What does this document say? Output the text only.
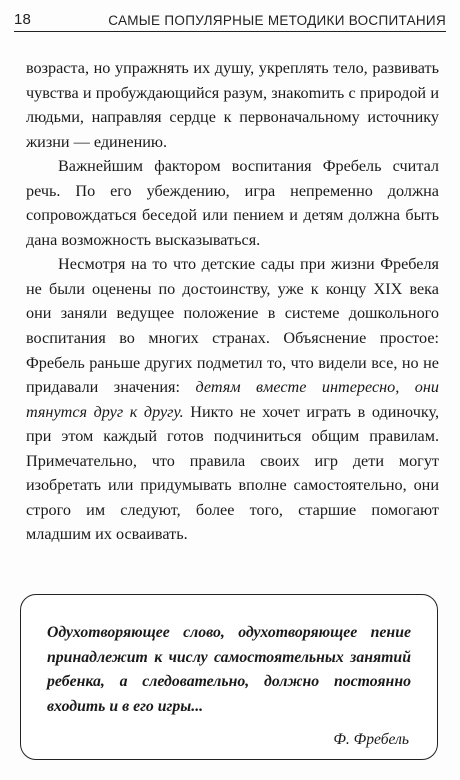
18	САМЫЕ ПОПУЛЯРНЫЕ МЕТОДИКИ ВОСПИТАНИЯ

возраста, но упражнять их душу, укреплять тело, развивать чувства и пробуждающийся разум, знакоmить с природой и людьми, направляя сердце к первоначальному источнику жизни — единению.

Важнейшим фактором воспитания Фребель считал речь. По его убеждению, игра непременно должна сопровождаться беседой или пением и детям должна быть дана возможность высказываться.

Несмотря на то что детские сады при жизни Фребеля не были оценены по достоинству, уже к концу XIX века они заняли ведущее положение в системе дошкольного воспитания во многих странах. Объяснение простое: Фребель раньше других подметил то, что видели все, но не придавали значения: детям вместе интересно, они тянутся друг к другу. Никто не хочет играть в одиночку, при этом каждый готов подчиниться общим правилам. Примечательно, что правила своих игр дети могут изобретать или придумывать вполне самостоятельно, они строго им следуют, более того, старшие помогают младшим их осваивать.

Одухотворяющее слово, одухотворяющее пение принадлежит к числу самостоятельных занятий ребенка, а следовательно, должно постоянно входить и в его игры...
Ф. Фребель
